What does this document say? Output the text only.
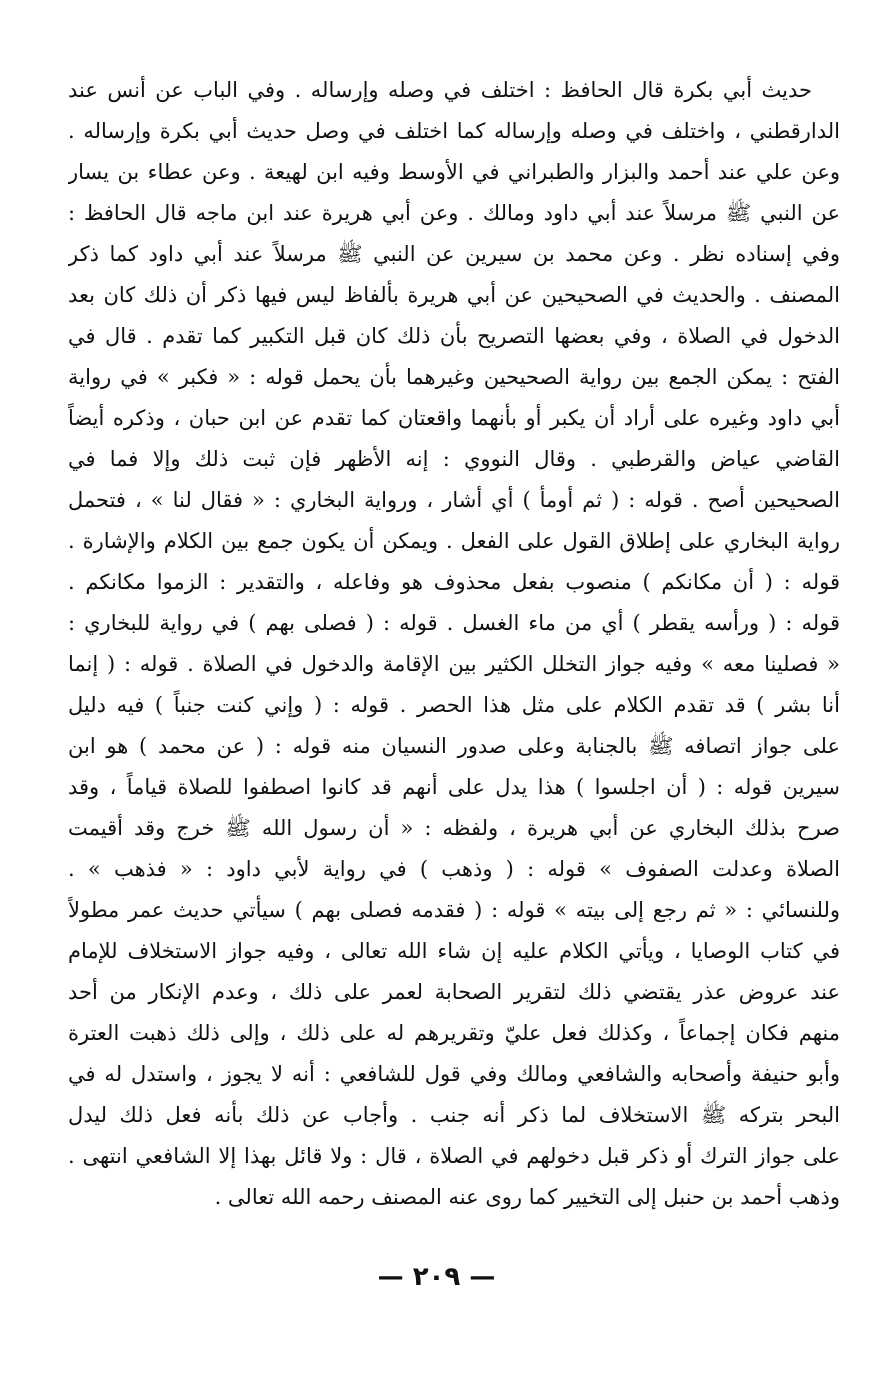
حديث أبي بكرة قال الحافظ : اختلف في وصله وإرساله . وفي الباب عن أنس عند
الدارقطني ، واختلف في وصله وإرساله كما اختلف في وصل حديث أبي بكرة وإرساله .
وعن علي عند أحمد والبزار والطبراني في الأوسط وفيه ابن لهيعة . وعن عطاء بن يسار
عن النبي ﷺ مرسلاً عند أبي داود ومالك . وعن أبي هريرة عند ابن ماجه قال الحافظ :
وفي إسناده نظر . وعن محمد بن سيرين عن النبي ﷺ مرسلاً عند أبي داود كما ذكر
المصنف . والحديث في الصحيحين عن أبي هريرة بألفاظ ليس فيها ذكر أن ذلك كان بعد
الدخول في الصلاة ، وفي بعضها التصريح بأن ذلك كان قبل التكبير كما تقدم . قال في
الفتح : يمكن الجمع بين رواية الصحيحين وغيرهما بأن يحمل قوله : « فكبر » في رواية
أبي داود وغيره على أراد أن يكبر أو بأنهما واقعتان كما تقدم عن ابن حبان ، وذكره أيضاً
القاضي عياض والقرطبي . وقال النووي : إنه الأظهر فإن ثبت ذلك وإلا فما في
الصحيحين أصح . قوله : ( ثم أومأ ) أي أشار ، ورواية البخاري : « فقال لنا » ، فتحمل
رواية البخاري على إطلاق القول على الفعل . ويمكن أن يكون جمع بين الكلام والإشارة .
قوله : ( أن مكانكم ) منصوب بفعل محذوف هو وفاعله ، والتقدير : الزموا مكانكم .
قوله : ( ورأسه يقطر ) أي من ماء الغسل . قوله : ( فصلى بهم ) في رواية للبخاري :
« فصلينا معه » وفيه جواز التخلل الكثير بين الإقامة والدخول في الصلاة . قوله : ( إنما
أنا بشر ) قد تقدم الكلام على مثل هذا الحصر . قوله : ( وإني كنت جنباً ) فيه دليل
على جواز اتصافه ﷺ بالجنابة وعلى صدور النسيان منه قوله : ( عن محمد ) هو ابن
سيرين قوله : ( أن اجلسوا ) هذا يدل على أنهم قد كانوا اصطفوا للصلاة قياماً ، وقد
صرح بذلك البخاري عن أبي هريرة ، ولفظه : « أن رسول الله ﷺ خرج وقد أقيمت
الصلاة وعدلت الصفوف » قوله : ( وذهب ) في رواية لأبي داود : « فذهب » .
وللنسائي : « ثم رجع إلى بيته » قوله : ( فقدمه فصلى بهم ) سيأتي حديث عمر مطولاً
في كتاب الوصايا ، ويأتي الكلام عليه إن شاء الله تعالى ، وفيه جواز الاستخلاف للإمام
عند عروض عذر يقتضي ذلك لتقرير الصحابة لعمر على ذلك ، وعدم الإنكار من أحد
منهم فكان إجماعاً ، وكذلك فعل عليّ وتقريرهم له على ذلك ، وإلى ذلك ذهبت العترة
وأبو حنيفة وأصحابه والشافعي ومالك وفي قول للشافعي : أنه لا يجوز ، واستدل له في
البحر بتركه ﷺ الاستخلاف لما ذكر أنه جنب . وأجاب عن ذلك بأنه فعل ذلك ليدل
على جواز الترك أو ذكر قبل دخولهم في الصلاة ، قال : ولا قائل بهذا إلا الشافعي انتهى .
وذهب أحمد بن حنبل إلى التخيير كما روى عنه المصنف رحمه الله تعالى .
— ٢٠٩ —
